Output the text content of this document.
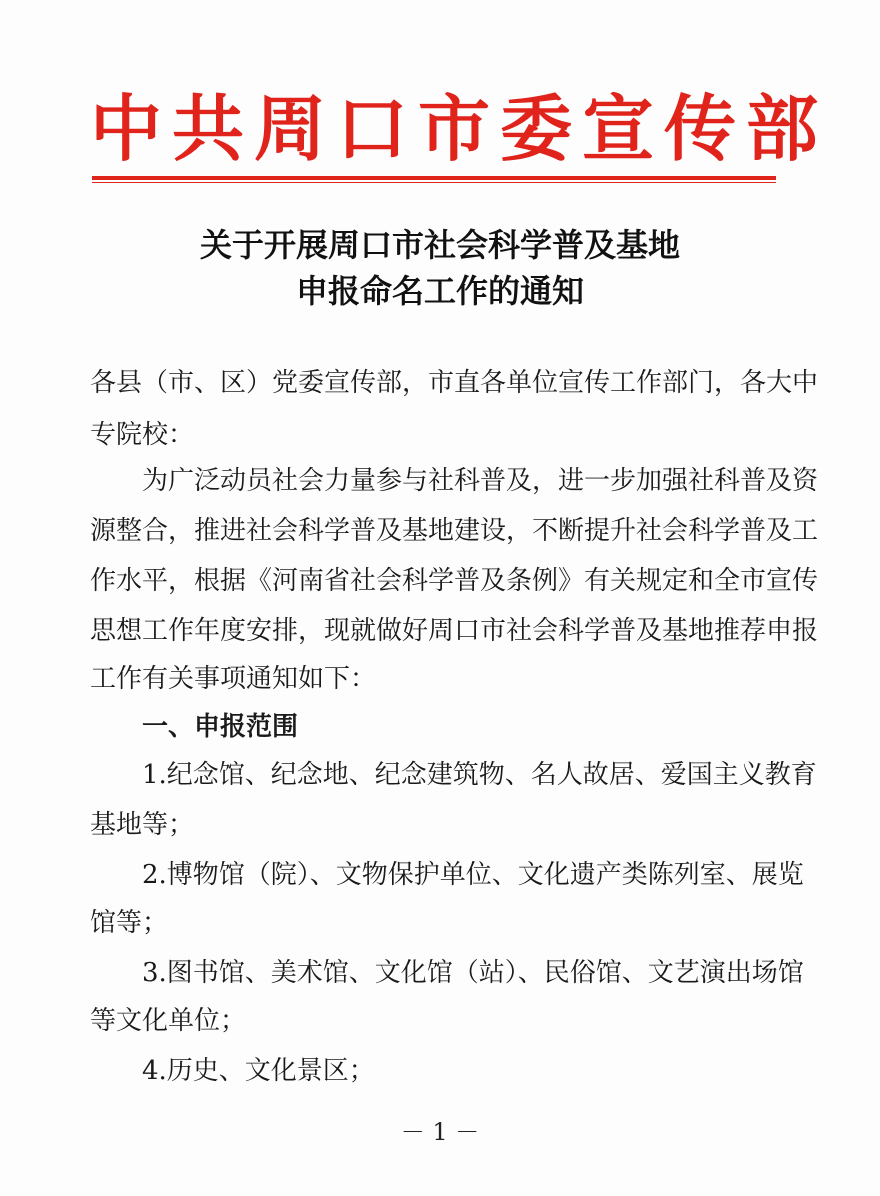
中共周口市委宣传部
关于开展周口市社会科学普及基地
申报命名工作的通知
各县（市、区）党委宣传部，市直各单位宣传工作部门，各大中
专院校：
为广泛动员社会力量参与社科普及，进一步加强社科普及资
源整合，推进社会科学普及基地建设，不断提升社会科学普及工
作水平，根据《河南省社会科学普及条例》有关规定和全市宣传
思想工作年度安排，现就做好周口市社会科学普及基地推荐申报
工作有关事项通知如下：
一、申报范围
1.纪念馆、纪念地、纪念建筑物、名人故居、爱国主义教育
基地等；
2.博物馆（院）、文物保护单位、文化遗产类陈列室、展览
馆等；
3.图书馆、美术馆、文化馆（站）、民俗馆、文艺演出场馆
等文化单位；
4.历史、文化景区；
－ 1 －
